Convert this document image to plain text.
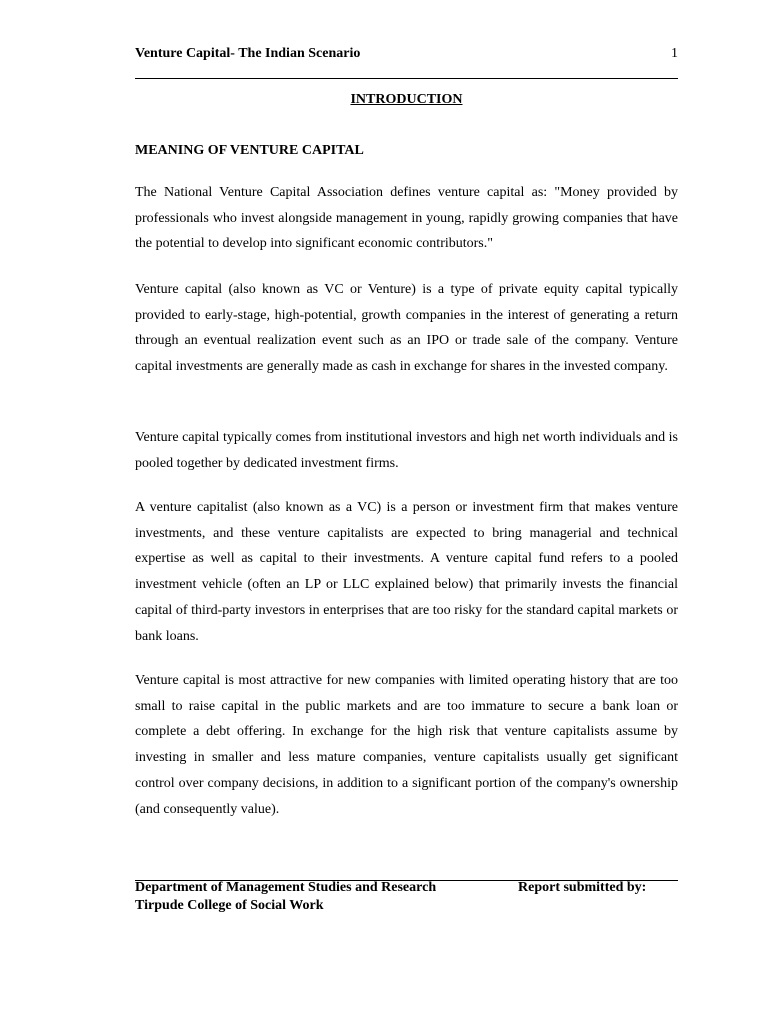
Venture Capital- The Indian Scenario	1
INTRODUCTION
MEANING OF VENTURE CAPITAL

The National Venture Capital Association defines venture capital as: "Money provided by professionals who invest alongside management in young, rapidly growing companies that have the potential to develop into significant economic contributors."

Venture capital (also known as VC or Venture) is a type of private equity capital typically provided to early-stage, high-potential, growth companies in the interest of generating a return through an eventual realization event such as an IPO or trade sale of the company. Venture capital investments are generally made as cash in exchange for shares in the invested company.

Venture capital typically comes from institutional investors and high net worth individuals and is pooled together by dedicated investment firms.

A venture capitalist (also known as a VC) is a person or investment firm that makes venture investments, and these venture capitalists are expected to bring managerial and technical expertise as well as capital to their investments. A venture capital fund refers to a pooled investment vehicle (often an LP or LLC explained below) that primarily invests the financial capital of third-party investors in enterprises that are too risky for the standard capital markets or bank loans.

Venture capital is most attractive for new companies with limited operating history that are too small to raise capital in the public markets and are too immature to secure a bank loan or complete a debt offering. In exchange for the high risk that venture capitalists assume by investing in smaller and less mature companies, venture capitalists usually get significant control over company decisions, in addition to a significant portion of the company's ownership (and consequently value).

Department of Management Studies and Research
Tirpude College of Social Work
Report submitted by:
